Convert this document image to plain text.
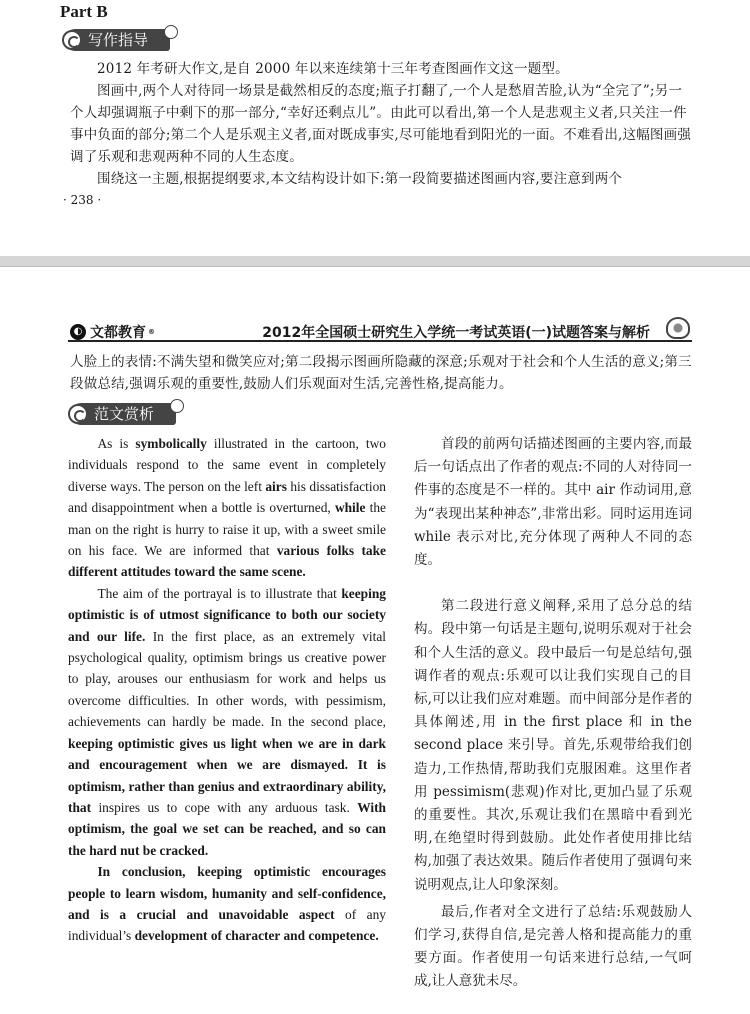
Part B
写作指导

2012 年考研大作文,是自 2000 年以来连续第十三年考查图画作文这一题型。

图画中,两个人对待同一场景是截然相反的态度;瓶子打翻了,一个人是愁眉苦脸,认为“全完了”;另一个人却强调瓶子中剩下的那一部分,“幸好还剩点儿”。由此可以看出,第一个人是悲观主义者,只关注一件事中负面的部分;第二个人是乐观主义者,面对既成事实,尽可能地看到阳光的一面。不难看出,这幅图画强调了乐观和悲观两种不同的人生态度。

围绕这一主题,根据提纲要求,本文结构设计如下:第一段简要描述图画内容,要注意到两个

· 238 ·
◐ 文都教育 ®	2012年全国硕士研究生入学统一考试英语(一)试题答案与解析

人脸上的表情:不满失望和微笑应对;第二段揭示图画所隐藏的深意;乐观对于社会和个人生活的意义;第三段做总结,强调乐观的重要性,鼓励人们乐观面对生活,完善性格,提高能力。

范文赏析

As is symbolically illustrated in the cartoon, two individuals respond to the same event in completely diverse ways. The person on the left airs his dissatisfaction and disappointment when a bottle is overturned, while the man on the right is hurry to raise it up, with a sweet smile on his face. We are informed that various folks take different attitudes toward the same scene.

The aim of the portrayal is to illustrate that keeping optimistic is of utmost significance to both our society and our life. In the first place, as an extremely vital psychological quality, optimism brings us creative power to play, arouses our enthusiasm for work and helps us overcome difficulties. In other words, with pessimism, achievements can hardly be made. In the second place, keeping optimistic gives us light when we are in dark and encouragement when we are dismayed. It is optimism, rather than genius and extraordinary ability, that inspires us to cope with any arduous task. With optimism, the goal we set can be reached, and so can the hard nut be cracked.

In conclusion, keeping optimistic encourages people to learn wisdom, humanity and self-confidence, and is a crucial and unavoidable aspect of any individual’s development of character and competence.

首段的前两句话描述图画的主要内容,而最后一句话点出了作者的观点:不同的人对待同一件事的态度是不一样的。其中 air 作动词用,意为“表现出某种神态”,非常出彩。同时运用连词 while 表示对比,充分体现了两种人不同的态度。

第二段进行意义阐释,采用了总分总的结构。段中第一句话是主题句,说明乐观对于社会和个人生活的意义。段中最后一句是总结句,强调作者的观点:乐观可以让我们实现自己的目标,可以让我们应对难题。而中间部分是作者的具体阐述,用 in the first place 和 in the second place 来引导。首先,乐观带给我们创造力,工作热情,帮助我们克服困难。这里作者用 pessimism(悲观)作对比,更加凸显了乐观的重要性。其次,乐观让我们在黑暗中看到光明,在绝望时得到鼓励。此处作者使用排比结构,加强了表达效果。随后作者使用了强调句来说明观点,让人印象深刻。

最后,作者对全文进行了总结:乐观鼓励人们学习,获得自信,是完善人格和提高能力的重要方面。作者使用一句话来进行总结,一气呵成,让人意犹未尽。
